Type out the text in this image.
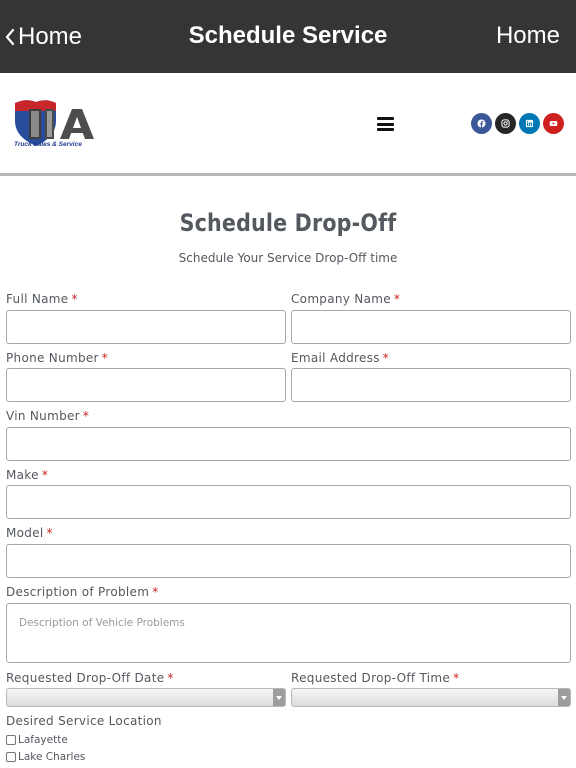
Home	Schedule Service	Home
Truck Sales & Service
Schedule Drop-Off
Schedule Your Service Drop-Off time
Full Name *	Company Name *
Phone Number *	Email Address *
Vin Number *
Make *
Model *
Description of Problem *
Description of Vehicle Problems
Requested Drop-Off Date *	Requested Drop-Off Time *
Desired Service Location
Lafayette
Lake Charles
